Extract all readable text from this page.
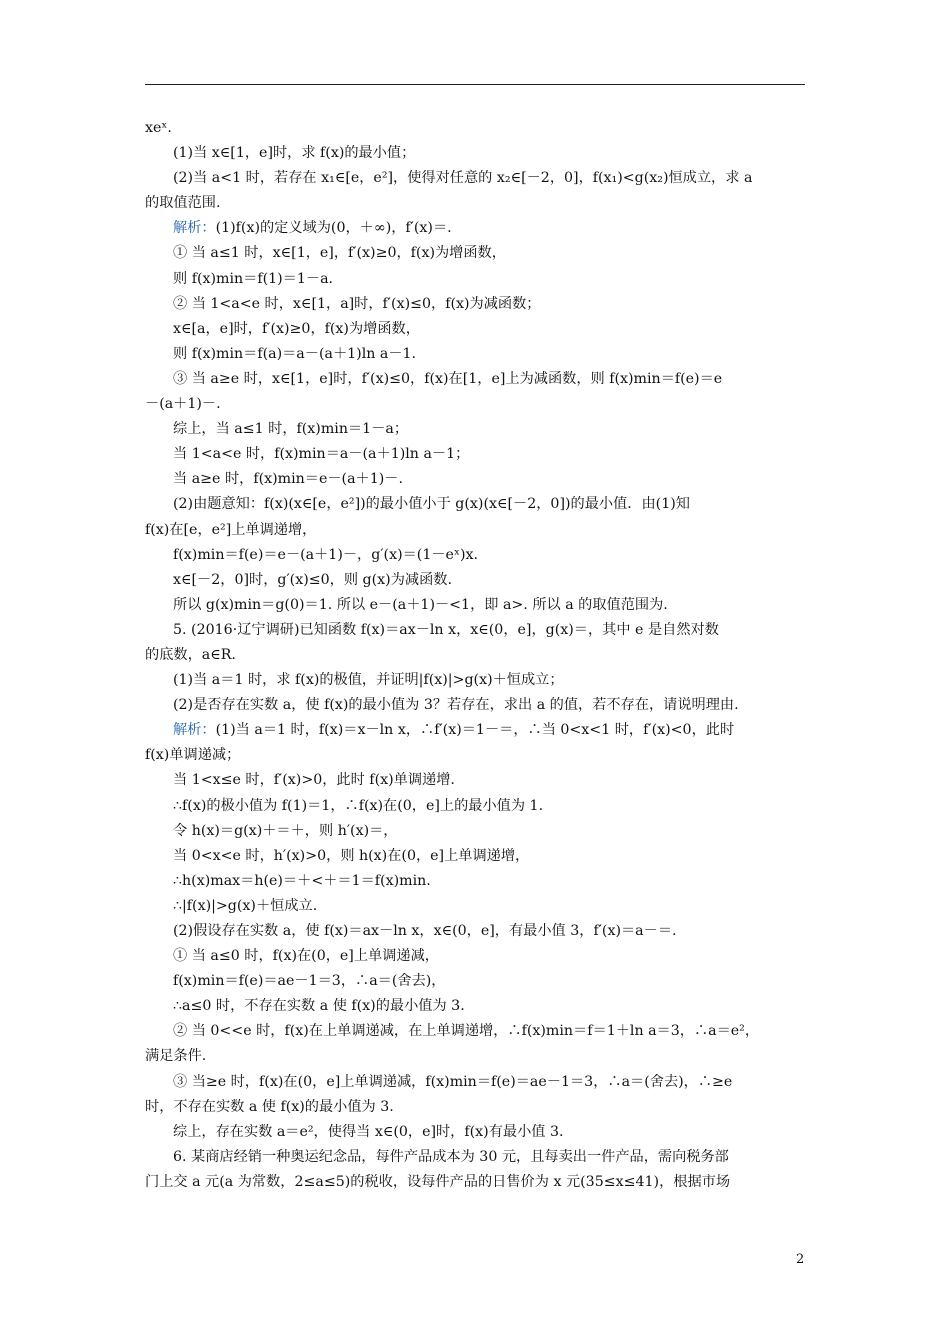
xeˣ.
(1)当 x∈[1，e]时，求 f(x)的最小值；
(2)当 a<1 时，若存在 x₁∈[e，e²]，使得对任意的 x₂∈[－2，0]，f(x₁)<g(x₂)恒成立，求 a
的取值范围.
解析：(1)f(x)的定义域为(0，＋∞)，f′(x)＝.
① 当 a≤1 时，x∈[1，e]，f′(x)≥0，f(x)为增函数，
则 f(x)min＝f(1)＝1－a.
② 当 1<a<e 时，x∈[1，a]时，f′(x)≤0，f(x)为减函数；
x∈[a，e]时，f′(x)≥0，f(x)为增函数，
则 f(x)min＝f(a)＝a－(a＋1)ln a－1.
③ 当 a≥e 时，x∈[1，e]时，f′(x)≤0，f(x)在[1，e]上为减函数，则 f(x)min＝f(e)＝e
－(a＋1)－.
综上，当 a≤1 时，f(x)min＝1－a；
当 1<a<e 时，f(x)min＝a－(a＋1)ln a－1；
当 a≥e 时，f(x)min＝e－(a＋1)－.
(2)由题意知：f(x)(x∈[e，e²])的最小值小于 g(x)(x∈[－2，0])的最小值．由(1)知
f(x)在[e，e²]上单调递增，
f(x)min＝f(e)＝e－(a＋1)－，g′(x)＝(1－eˣ)x.
x∈[－2，0]时，g′(x)≤0，则 g(x)为减函数.
所以 g(x)min＝g(0)＝1. 所以 e－(a＋1)－<1，即 a>. 所以 a 的取值范围为.
5. (2016·辽宁调研)已知函数 f(x)＝ax－ln x，x∈(0，e]，g(x)＝，其中 e 是自然对数
的底数，a∈R.
(1)当 a＝1 时，求 f(x)的极值，并证明|f(x)|>g(x)＋恒成立；
(2)是否存在实数 a，使 f(x)的最小值为 3？若存在，求出 a 的值，若不存在，请说明理由.
解析：(1)当 a＝1 时，f(x)＝x－ln x，∴f′(x)＝1－＝，∴当 0<x<1 时，f′(x)<0，此时
f(x)单调递减；
当 1<x≤e 时，f′(x)>0，此时 f(x)单调递增.
∴f(x)的极小值为 f(1)＝1，∴f(x)在(0，e]上的最小值为 1.
令 h(x)＝g(x)＋＝＋，则 h′(x)＝，
当 0<x<e 时，h′(x)>0，则 h(x)在(0，e]上单调递增，
∴h(x)max＝h(e)＝＋<＋＝1＝f(x)min.
∴|f(x)|>g(x)＋恒成立.
(2)假设存在实数 a，使 f(x)＝ax－ln x，x∈(0，e]，有最小值 3，f′(x)＝a－＝.
① 当 a≤0 时，f(x)在(0，e]上单调递减，
f(x)min＝f(e)＝ae－1＝3，∴a＝(舍去)，
∴a≤0 时，不存在实数 a 使 f(x)的最小值为 3.
② 当 0<<e 时，f(x)在上单调递减，在上单调递增，∴f(x)min＝f＝1＋ln a＝3，∴a＝e²，
满足条件.
③ 当≥e 时，f(x)在(0，e]上单调递减，f(x)min＝f(e)＝ae－1＝3，∴a＝(舍去)，∴≥e
时，不存在实数 a 使 f(x)的最小值为 3.
综上，存在实数 a＝e²，使得当 x∈(0，e]时，f(x)有最小值 3.
6. 某商店经销一种奥运纪念品，每件产品成本为 30 元，且每卖出一件产品，需向税务部
门上交 a 元(a 为常数，2≤a≤5)的税收，设每件产品的日售价为 x 元(35≤x≤41)，根据市场
2
